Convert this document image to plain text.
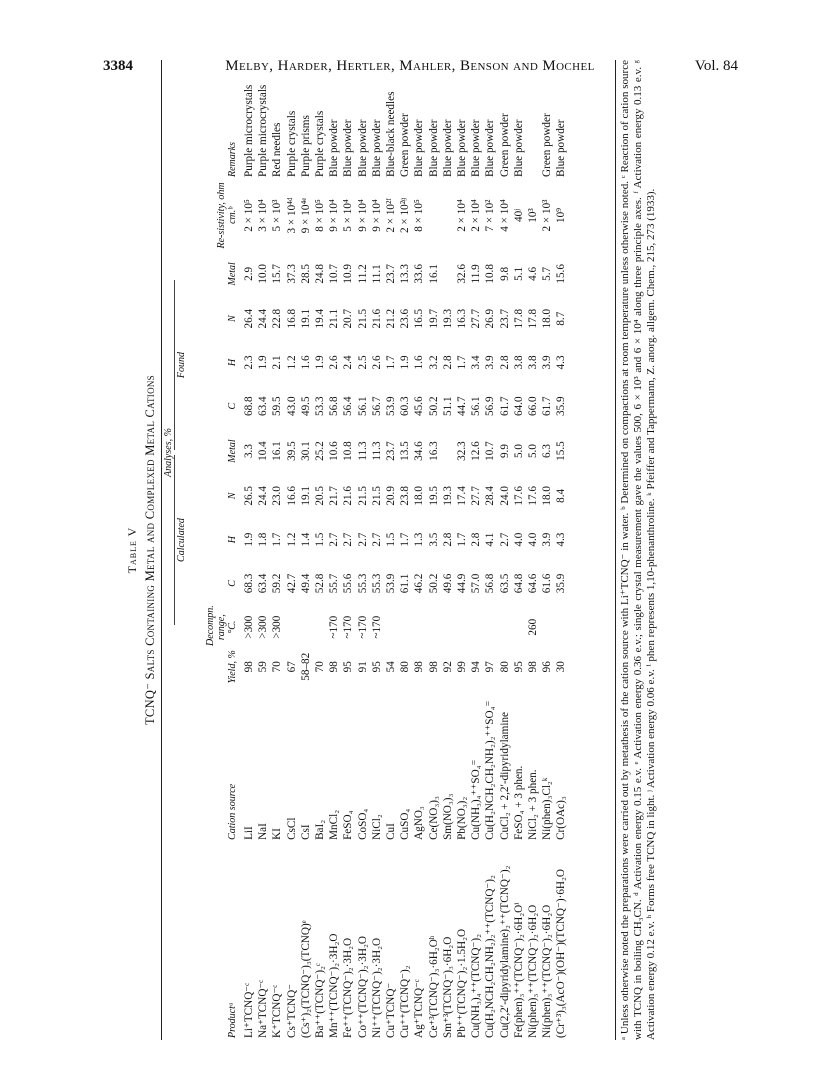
3384	Melby, Harder, Hertler, Mahler, Benson and Mochel	Vol. 84
Table V TCNQ⁻ Salts Containing Metal and Complexed Metal Cations Analyses, %
Calculated
Found
Productᵃ	Cation source	Yield, %	Decompn. range, °C.	C	H	N	Metal	C	H	N	Metal	Re-sistivity, ohm cm.ᵇ	Remarks
Li⁺TCNQ⁻ᶜ	LiI	98	>300	68.3	1.9	26.5	3.3	68.8	2.3	26.4	2.9	2 × 10⁵	Purple microcrystals
Na⁺TCNQ⁻ᶜ	NaI	59	>300	63.4	1.8	24.4	10.4	63.4	1.9	24.4	10.0	3 × 10⁴	Purple microcrystals
K⁺TCNQ⁻ᶜ	KI	70	>300	59.2	1.7	23.0	16.1	59.5	2.1	22.8	15.7	5 × 10³	Red needles
Cs⁺TCNQ⁻	CsCl	67		42.7	1.2	16.6	39.5	43.0	1.2	16.8	37.3	3 × 10⁴ᵈ	Purple crystals
(Cs⁺)₂(TCNQ⁻)₃(TCNQ)ᵉ	CsI	58–82		49.4	1.4	19.1	30.1	49.5	1.6	19.1	28.5	9 × 10⁴ᵉ	Purple prisms
Ba⁺⁺(TCNQ⁻)₂ᶜ	BaI₂	70		52.8	1.5	20.5	25.2	53.3	1.9	19.4	24.8	8 × 10⁵	Purple crystals
Mn⁺⁺(TCNQ⁻)₂·3H₂O	MnCl₂	98	~170	55.7	2.7	21.7	10.6	56.8	2.6	21.1	10.7	9 × 10⁴	Blue powder
Fe⁺⁺(TCNQ⁻)₂·3H₂O	FeSO₄	95	~170	55.6	2.7	21.6	10.8	56.4	2.4	20.7	10.9	5 × 10⁴	Blue powder
Co⁺⁺(TCNQ⁻)₂·3H₂O	CoSO₄	91	~170	55.3	2.7	21.5	11.3	56.1	2.5	21.5	11.2	9 × 10⁴	Blue powder
Ni⁺⁺(TCNQ⁻)₂·3H₂O	NiCl₂	95	~170	55.3	2.7	21.5	11.3	56.7	2.6	21.6	11.1	9 × 10⁴	Blue powder
Cu⁺TCNQ⁻	CuI	54		53.9	1.5	20.9	23.7	53.9	1.7	21.2	23.7	2 × 10²ᶠ	Blue-black needles
Cu⁺⁺(TCNQ⁻)₂	CuSO₄	80		61.1	1.7	23.8	13.5	60.3	1.9	23.6	13.3	2 × 10²ᶢ	Green powder
Ag⁺TCNQ⁻ᶜ	AgNO₃	98		46.2	1.3	18.0	34.6	45.6	1.6	16.5	33.6	8 × 10⁵	Blue powder
Ce⁺³(TCNQ⁻)₃·6H₂Oʰ	Ce(NO₃)₃	98		50.2	3.5	19.5	16.3	50.2	3.2	19.7	16.1		Blue powder
Sm⁺³(TCNQ⁻)₃·6H₂O	Sm(NO₃)₃	92		49.6	2.8	19.3		51.1	2.8	19.3			Blue powder
Pb⁺⁺(TCNQ⁻)₂·1.5H₂O	Pb(NO₃)₂	99		44.9	1.7	17.4	32.3	44.7	1.7	16.3	32.6	2 × 10⁴	Blue powder
Cu(NH₃)₄⁺⁺(TCNQ⁻)₂	Cu(NH₃)₄⁺⁺SO₄⁼	94		57.0	2.8	27.7	12.6	56.1	3.4	27.7	11.9	2 × 10⁴	Blue powder
Cu(H₂NCH₂CH₂NH₂)₂⁺⁺(TCNQ⁻)₂	Cu(H₂NCH₂CH₂NH₂)₂⁺⁺SO₄⁼	97		56.8	4.1	28.4	10.7	56.9	3.9	26.9	10.8	7 × 10²	Blue powder
Cu(2,2′-dipyridylamine)₂⁺⁺(TCNQ⁻)₂	CuCl₂ + 2,2′-dipyridylamine	80		63.5	2.7	24.0	9.9	61.7	2.8	23.7	9.8	4 × 10⁴	Green powder
Fe(phen)₃⁺⁺(TCNQ⁻)₂·6H₂Oⁱ	FeSO₄ + 3 phen.	95		64.8	4.0	17.6	5.0	64.0	3.8	17.8	5.1	40ʲ	Blue powder
Ni(phen)₃⁺⁺(TCNQ⁻)₂·6H₂O	NiCl₂ + 3 phen.	98	260	64.6	4.0	17.6	5.0	66.0	3.8	17.8	4.6	10³	
Ni(phen)₃⁺⁺(TCNQ⁻)₂·6H₂O	Ni(phen)₃Cl₂ᵏ	96		61.6	3.9	18.0	6.3	61.7	3.9	18.0	5.7	2 × 10³	Green powder
(Cr⁺³)₃(AcO⁻)(OH⁻)(TCNQ⁻)·6H₂O	Cr(OAc)₃	30		35.9	4.3	8.4	15.5	35.9	4.3	8.7	15.6	10⁹	Blue powder	ᵃ Unless otherwise noted the preparations were carried out by metathesis of the cation source with Li⁺TCNQ⁻ in water. ᵇ Determined on compactions at room temperature unless otherwise noted. ᶜ Reaction of cation source with TCNQ in boiling CH₃CN. ᵈ Activation energy 0.15 e.v. ᵉ Activation energy 0.36 e.v.; single crystal measurement gave the values 500, 6 × 10³ and 6 × 10⁴ along three principle axes. ᶠ Activation energy 0.13 e.v. ᵍ Activation energy 0.12 e.v. ʰ Forms free TCNQ in light. ʲ Activation energy 0.06 e.v. ⁱ phen represents 1,10-phenanthroline. ᵏ Pfeiffer and Tappermann, Z. anorg. allgem. Chem., 215, 273 (1933).
